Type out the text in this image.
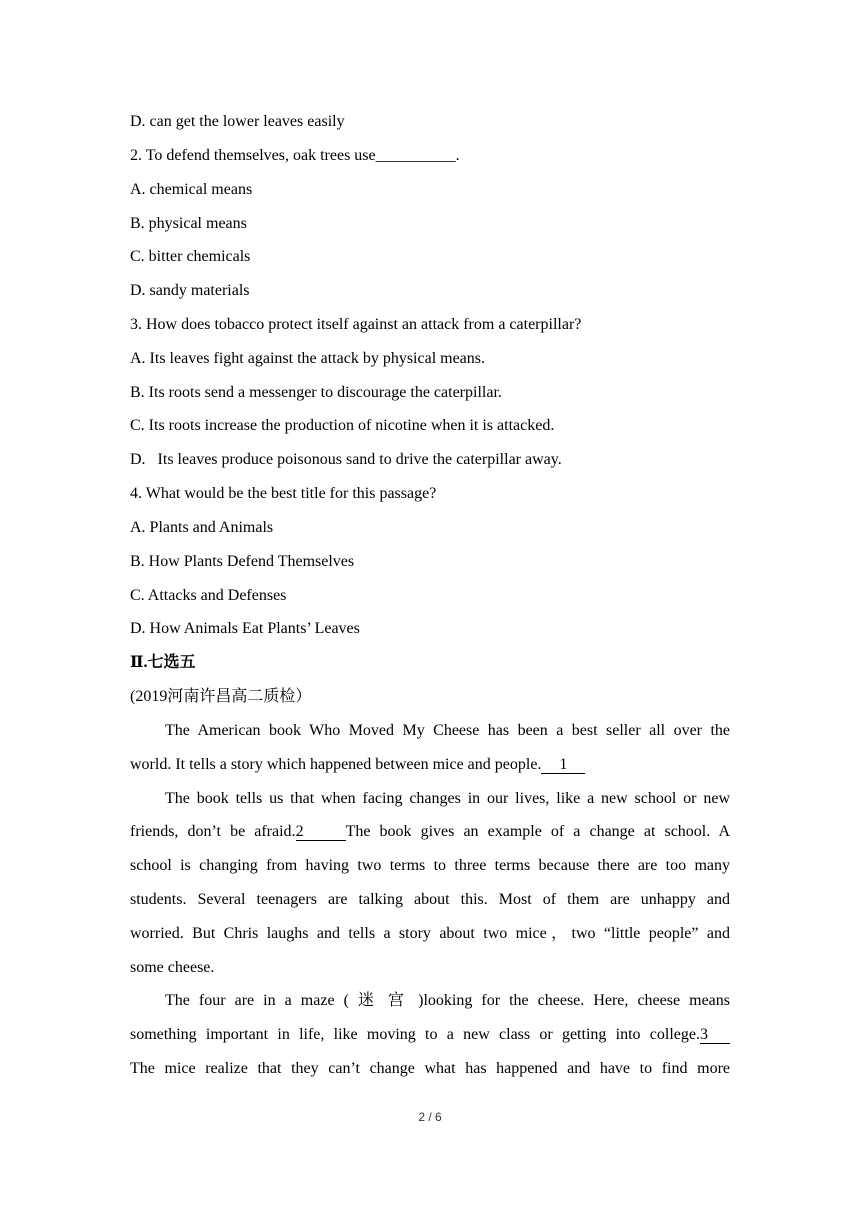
D. can get the lower leaves easily
2. To defend themselves, oak trees use__________.
A. chemical means
B. physical means
C. bitter chemicals
D. sandy materials
3. How does tobacco protect itself against an attack from a caterpillar?
A. Its leaves fight against the attack by physical means.
B. Its roots send a messenger to discourage the caterpillar.
C. Its roots increase the production of nicotine when it is attacked.
D.   Its leaves produce poisonous sand to drive the caterpillar away.
4. What would be the best title for this passage?
A. Plants and Animals
B. How Plants Defend Themselves
C. Attacks and Defenses
D. How Animals Eat Plants’ Leaves
Ⅱ.七选五
(2019河南许昌高二质检）
The American book Who Moved My Cheese has been a best seller all over the
world. It tells a story which happened between mice and people. 1
The book tells us that when facing changes in our lives, like a new school or new
friends, don’t be afraid.2	The book gives an example of a change at school. A
school is changing from having two terms to three terms because there are too many
students. Several teenagers are talking about this. Most of them are unhappy and
worried. But Chris laughs and tells a story about two mice，two “little people” and
some cheese.
The four are in a maze ( 迷 宫 )looking for the cheese. Here, cheese means
something important in life, like moving to a new class or getting into college.3
The mice realize that they can’t change what has happened and have to find more
2 / 6
